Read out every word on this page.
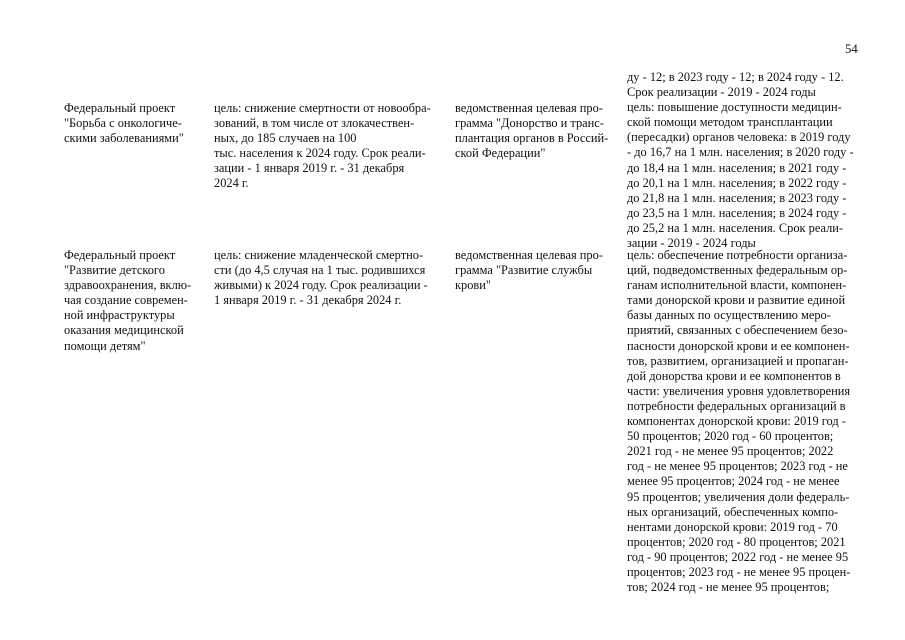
54
Федеральный проект
"Борьба с онкологиче-
скими заболеваниями"
цель: снижение смертности от новообра-
зований, в том числе от злокачествен-
ных, до 185 случаев на 100
тыс. населения к 2024 году. Срок реали-
зации - 1 января 2019 г. - 31 декабря
2024 г.
ведомственная целевая про-
грамма "Донорство и транс-
плантация органов в Россий-
ской Федерации"
ду - 12; в 2023 году - 12; в 2024 году - 12.
Срок реализации - 2019 - 2024 годы
цель: повышение доступности медицин-
ской помощи методом трансплантации
(пересадки) органов человека: в 2019 году
- до 16,7 на 1 млн. населения; в 2020 году -
до 18,4 на 1 млн. населения; в 2021 году -
до 20,1 на 1 млн. населения; в 2022 году -
до 21,8 на 1 млн. населения; в 2023 году -
до 23,5 на 1 млн. населения; в 2024 году -
до 25,2 на 1 млн. населения. Срок реали-
зации - 2019 - 2024 годы
Федеральный проект
"Развитие детского
здравоохранения, вклю-
чая создание современ-
ной инфраструктуры
оказания медицинской
помощи детям"
цель: снижение младенческой смертно-
сти (до 4,5 случая на 1 тыс. родившихся
живыми) к 2024 году. Срок реализации -
1 января 2019 г. - 31 декабря 2024 г.
ведомственная целевая про-
грамма "Развитие службы
крови"
цель: обеспечение потребности организа-
ций, подведомственных федеральным ор-
ганам исполнительной власти, компонен-
тами донорской крови и развитие единой
базы данных по осуществлению меро-
приятий, связанных с обеспечением безо-
пасности донорской крови и ее компонен-
тов, развитием, организацией и пропаган-
дой донорства крови и ее компонентов в
части: увеличения уровня удовлетворения
потребности федеральных организаций в
компонентах донорской крови: 2019 год -
50 процентов; 2020 год - 60 процентов;
2021 год - не менее 95 процентов; 2022
год - не менее 95 процентов; 2023 год - не
менее 95 процентов; 2024 год - не менее
95 процентов; увеличения доли федераль-
ных организаций, обеспеченных компо-
нентами донорской крови: 2019 год - 70
процентов; 2020 год - 80 процентов; 2021
год - 90 процентов; 2022 год - не менее 95
процентов; 2023 год - не менее 95 процен-
тов; 2024 год - не менее 95 процентов;
